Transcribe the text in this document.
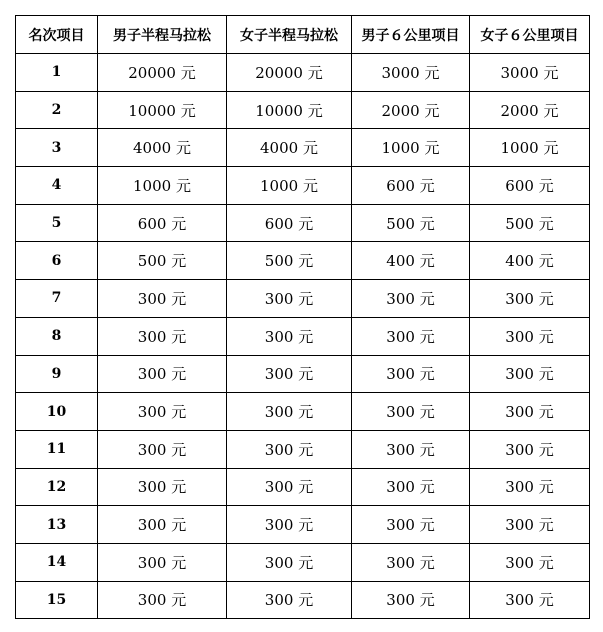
名次项目	男子半程马拉松	女子半程马拉松	男子６公里项目	女子６公里项目
1	20000 元	20000 元	3000 元	3000 元
2	10000 元	10000 元	2000 元	2000 元
3	4000 元	4000 元	1000 元	1000 元
4	1000 元	1000 元	600 元	600 元
5	600 元	600 元	500 元	500 元
6	500 元	500 元	400 元	400 元
7	300 元	300 元	300 元	300 元
8	300 元	300 元	300 元	300 元
9	300 元	300 元	300 元	300 元
10	300 元	300 元	300 元	300 元
11	300 元	300 元	300 元	300 元
12	300 元	300 元	300 元	300 元
13	300 元	300 元	300 元	300 元
14	300 元	300 元	300 元	300 元
15	300 元	300 元	300 元	300 元
